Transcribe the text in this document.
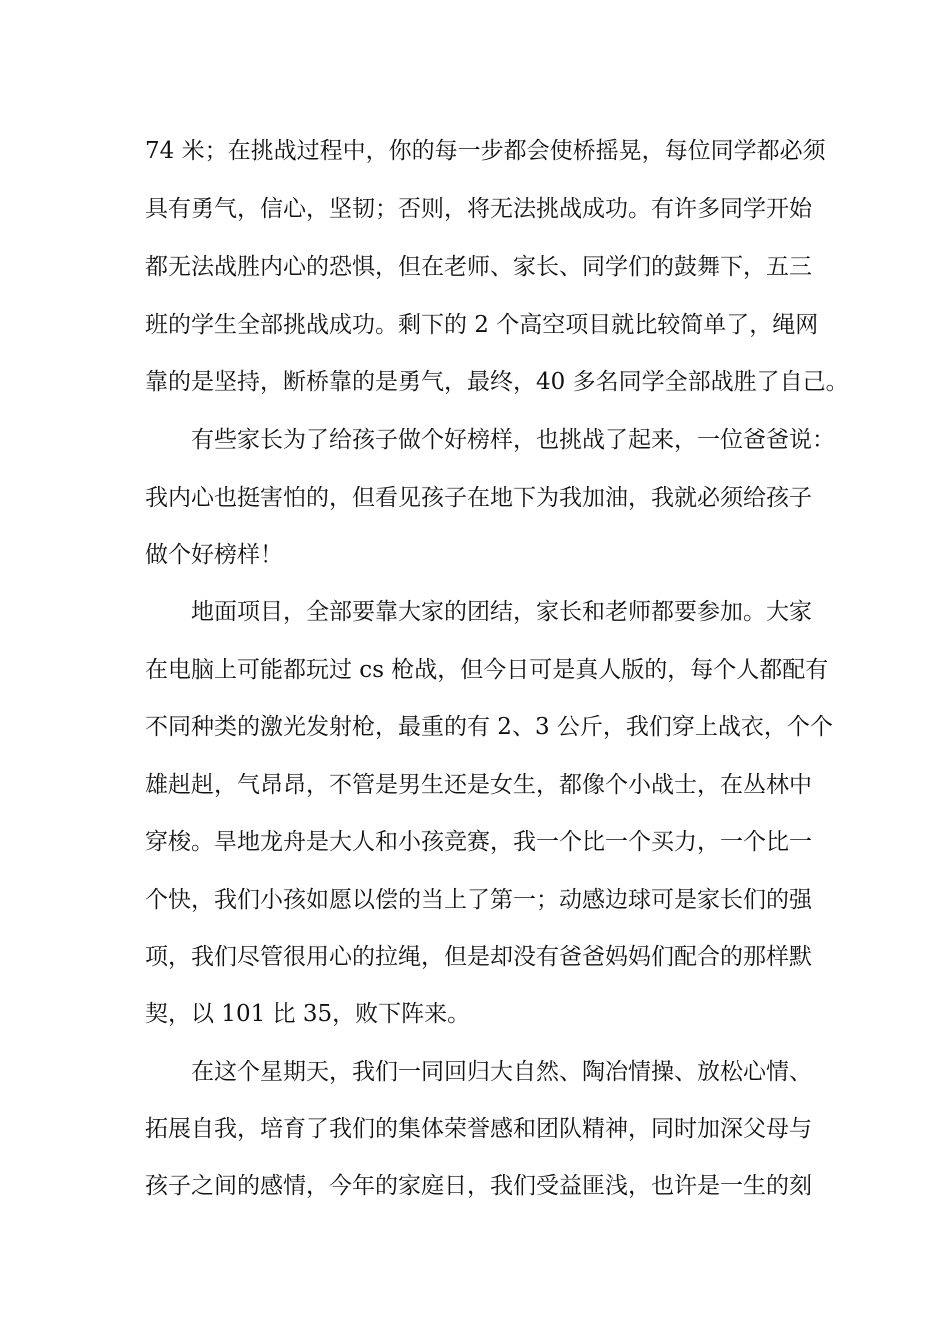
74 米；在挑战过程中，你的每一步都会使桥摇晃，每位同学都必须
具有勇气，信心，坚韧；否则，将无法挑战成功。有许多同学开始
都无法战胜内心的恐惧，但在老师、家长、同学们的鼓舞下，五三
班的学生全部挑战成功。剩下的 2 个高空项目就比较简单了，绳网
靠的是坚持，断桥靠的是勇气，最终，40 多名同学全部战胜了自己。
有些家长为了给孩子做个好榜样，也挑战了起来，一位爸爸说：
我内心也挺害怕的，但看见孩子在地下为我加油，我就必须给孩子
做个好榜样！
地面项目，全部要靠大家的团结，家长和老师都要参加。大家
在电脑上可能都玩过 cs 枪战，但今日可是真人版的，每个人都配有
不同种类的激光发射枪，最重的有 2、3 公斤，我们穿上战衣，个个
雄赳赳，气昂昂，不管是男生还是女生，都像个小战士，在丛林中
穿梭。旱地龙舟是大人和小孩竞赛，我一个比一个买力，一个比一
个快，我们小孩如愿以偿的当上了第一；动感边球可是家长们的强
项，我们尽管很用心的拉绳，但是却没有爸爸妈妈们配合的那样默
契，以 101 比 35，败下阵来。
在这个星期天，我们一同回归大自然、陶冶情操、放松心情、
拓展自我，培育了我们的集体荣誉感和团队精神，同时加深父母与
孩子之间的感情，今年的家庭日，我们受益匪浅，也许是一生的刻
